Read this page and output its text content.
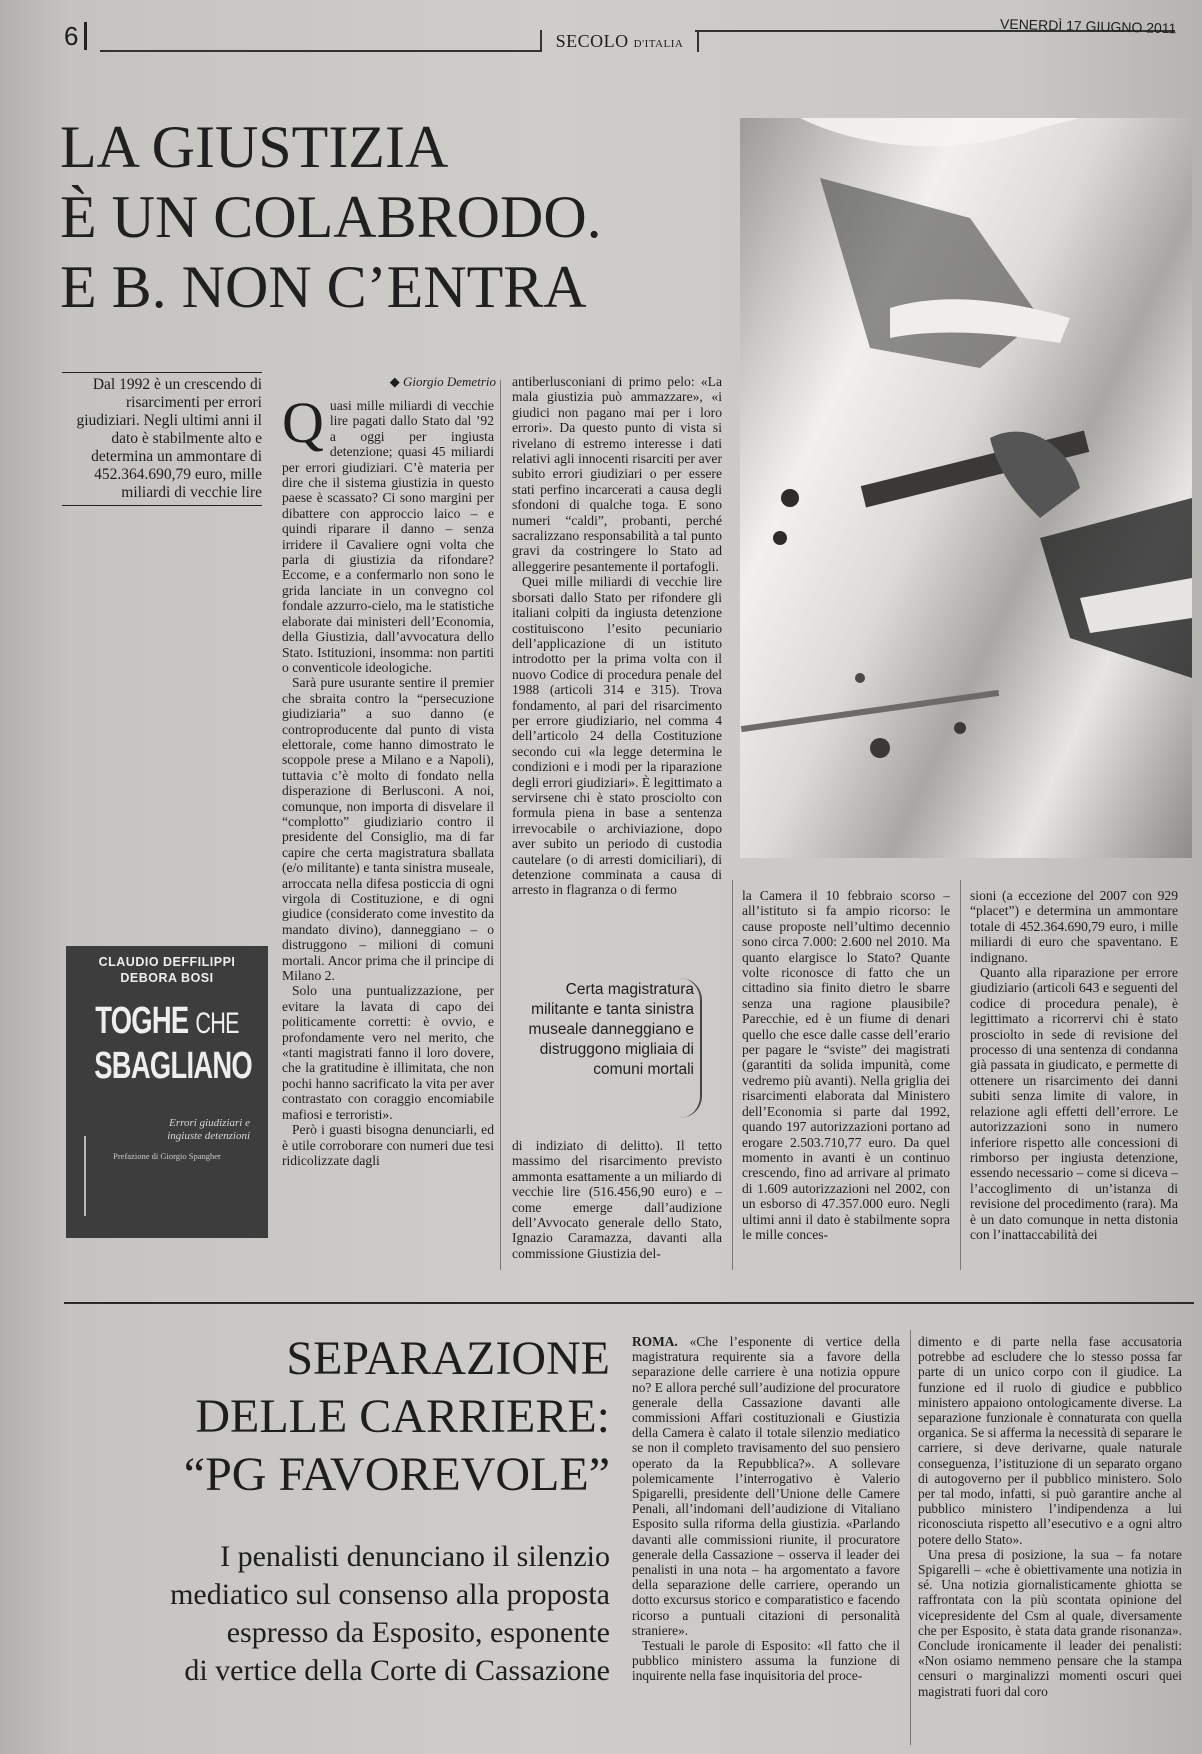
6	SECOLO D'ITALIA
VENERDÌ 17 GIUGNO 2011
LA GIUSTIZIA
È UN COLABRODO.
E B. NON C’ENTRA
Dal 1992 è un crescendo di risarcimenti per errori giudiziari. Negli ultimi anni il dato è stabilmente alto e determina un ammontare di 452.364.690,79 euro, mille miliardi di vecchie lire
◆ Giorgio Demetrio

Quasi mille miliardi di vecchie lire pagati dallo Stato dal ’92 a oggi per ingiusta detenzione; quasi 45 miliardi per errori giudiziari. C’è materia per dire che il sistema giustizia in questo paese è scassato? Ci sono margini per dibattere con approccio laico – e quindi riparare il danno – senza irridere il Cavaliere ogni volta che parla di giustizia da rifondare? Eccome, e a confermarlo non sono le grida lanciate in un convegno col fondale azzurro-cielo, ma le statistiche elaborate dai ministeri dell’Economia, della Giustizia, dall’avvocatura dello Stato. Istituzioni, insomma: non partiti o conventicole ideologiche.

Sarà pure usurante sentire il premier che sbraita contro la “persecuzione giudiziaria” a suo danno (e controproducente dal punto di vista elettorale, come hanno dimostrato le scoppole prese a Milano e a Napoli), tuttavia c’è molto di fondato nella disperazione di Berlusconi. A noi, comunque, non importa di disvelare il “complotto” giudiziario contro il presidente del Consiglio, ma di far capire che certa magistratura sballata (e/o militante) e tanta sinistra museale, arroccata nella difesa posticcia di ogni virgola di Costituzione, e di ogni giudice (considerato come investito da mandato divino), danneggiano – o distruggono – milioni di comuni mortali. Ancor prima che il principe di Milano 2.

Solo una puntualizzazione, per evitare la lavata di capo dei politicamente corretti: è ovvio, e profondamente vero nel merito, che «tanti magistrati fanno il loro dovere, che la gratitudine è illimitata, che non pochi hanno sacrificato la vita per aver contrastato con coraggio encomiabile mafiosi e terroristi».

Però i guasti bisogna denunciarli, ed è utile corroborare con numeri due tesi ridicolizzate dagli

antiberlusconiani di primo pelo: «La mala giustizia può ammazzare», «i giudici non pagano mai per i loro errori». Da questo punto di vista si rivelano di estremo interesse i dati relativi agli innocenti risarciti per aver subito errori giudiziari o per essere stati perfino incarcerati a causa degli sfondoni di qualche toga. E sono numeri “caldi”, probanti, perché sacralizzano responsabilità a tal punto gravi da costringere lo Stato ad alleggerire pesantemente il portafogli.

Quei mille miliardi di vecchie lire sborsati dallo Stato per rifondere gli italiani colpiti da ingiusta detenzione costituiscono l’esito pecuniario dell’applicazione di un istituto introdotto per la prima volta con il nuovo Codice di procedura penale del 1988 (articoli 314 e 315). Trova fondamento, al pari del risarcimento per errore giudiziario, nel comma 4 dell’articolo 24 della Costituzione secondo cui «la legge determina le condizioni e i modi per la riparazione degli errori giudiziari». È legittimato a servirsene chi è stato prosciolto con formula piena in base a sentenza irrevocabile o archiviazione, dopo aver subito un periodo di custodia cautelare (o di arresti domiciliari), di detenzione comminata a causa di arresto in flagranza o di fermo

Certa magistratura militante e tanta sinistra museale danneggiano e distruggono migliaia di comuni mortali

di indiziato di delitto). Il tetto massimo del risarcimento previsto ammonta esattamente a un miliardo di vecchie lire (516.456,90 euro) e – come emerge dall’audizione dell’Avvocato generale dello Stato, Ignazio Caramazza, davanti alla commissione Giustizia del-

la Camera il 10 febbraio scorso – all’istituto si fa ampio ricorso: le cause proposte nell’ultimo decennio sono circa 7.000: 2.600 nel 2010. Ma quanto elargisce lo Stato? Quante volte riconosce di fatto che un cittadino sia finito dietro le sbarre senza una ragione plausibile? Parecchie, ed è un fiume di denari quello che esce dalle casse dell’erario per pagare le “sviste” dei magistrati (garantiti da solida impunità, come vedremo più avanti). Nella griglia dei risarcimenti elaborata dal Ministero dell’Economia si parte dal 1992, quando 197 autorizzazioni portano ad erogare 2.503.710,77 euro. Da quel momento in avanti è un continuo crescendo, fino ad arrivare al primato di 1.609 autorizzazioni nel 2002, con un esborso di 47.357.000 euro. Negli ultimi anni il dato è stabilmente sopra le mille conces-

sioni (a eccezione del 2007 con 929 “placet”) e determina un ammontare totale di 452.364.690,79 euro, i mille miliardi di euro che spaventano. E indignano.

Quanto alla riparazione per errore giudiziario (articoli 643 e seguenti del codice di procedura penale), è legittimato a ricorrervi chi è stato prosciolto in sede di revisione del processo di una sentenza di condanna già passata in giudicato, e permette di ottenere un risarcimento dei danni subiti senza limite di valore, in relazione agli effetti dell’errore. Le autorizzazioni sono in numero inferiore rispetto alle concessioni di rimborso per ingiusta detenzione, essendo necessario – come si diceva – l’accoglimento di un’istanza di revisione del procedimento (rara). Ma è un dato comunque in netta distonia con l’inattaccabilità dei

CLAUDIO DEFFILIPPI
DEBORA BOSI
TOGHE CHE
SBAGLIANO
Errori giudiziari e ingiuste detenzioni
Prefazione di Giorgio Spangher
SEPARAZIONE
DELLE CARRIERE:
“PG FAVOREVOLE”
I penalisti denunciano il silenzio
mediatico sul consenso alla proposta
espresso da Esposito, esponente
di vertice della Corte di Cassazione

ROMA. «Che l’esponente di vertice della magistratura requirente sia a favore della separazione delle carriere è una notizia oppure no? E allora perché sull’audizione del procuratore generale della Cassazione davanti alle commissioni Affari costituzionali e Giustizia della Camera è calato il totale silenzio mediatico se non il completo travisamento del suo pensiero operato da la Repubblica?». A sollevare polemicamente l’interrogativo è Valerio Spigarelli, presidente dell’Unione delle Camere Penali, all’indomani dell’audizione di Vitaliano Esposito sulla riforma della giustizia. «Parlando davanti alle commissioni riunite, il procuratore generale della Cassazione – osserva il leader dei penalisti in una nota – ha argomentato a favore della separazione delle carriere, operando un dotto excursus storico e comparatistico e facendo ricorso a puntuali citazioni di personalità straniere».

Testuali le parole di Esposito: «Il fatto che il pubblico ministero assuma la funzione di inquirente nella fase inquisitoria del proce-

dimento e di parte nella fase accusatoria potrebbe ad escludere che lo stesso possa far parte di un unico corpo con il giudice. La funzione ed il ruolo di giudice e pubblico ministero appaiono ontologicamente diverse. La separazione funzionale è connaturata con quella organica. Se si afferma la necessità di separare le carriere, si deve derivarne, quale naturale conseguenza, l’istituzione di un separato organo di autogoverno per il pubblico ministero. Solo per tal modo, infatti, si può garantire anche al pubblico ministero l’indipendenza a lui riconosciuta rispetto all’esecutivo e a ogni altro potere dello Stato».

Una presa di posizione, la sua – fa notare Spigarelli – «che è obiettivamente una notizia in sé. Una notizia giornalisticamente ghiotta se raffrontata con la più scontata opinione del vicepresidente del Csm al quale, diversamente che per Esposito, è stata data grande risonanza». Conclude ironicamente il leader dei penalisti: «Non osiamo nemmeno pensare che la stampa censuri o marginalizzi momenti oscuri quei magistrati fuori dal coro
